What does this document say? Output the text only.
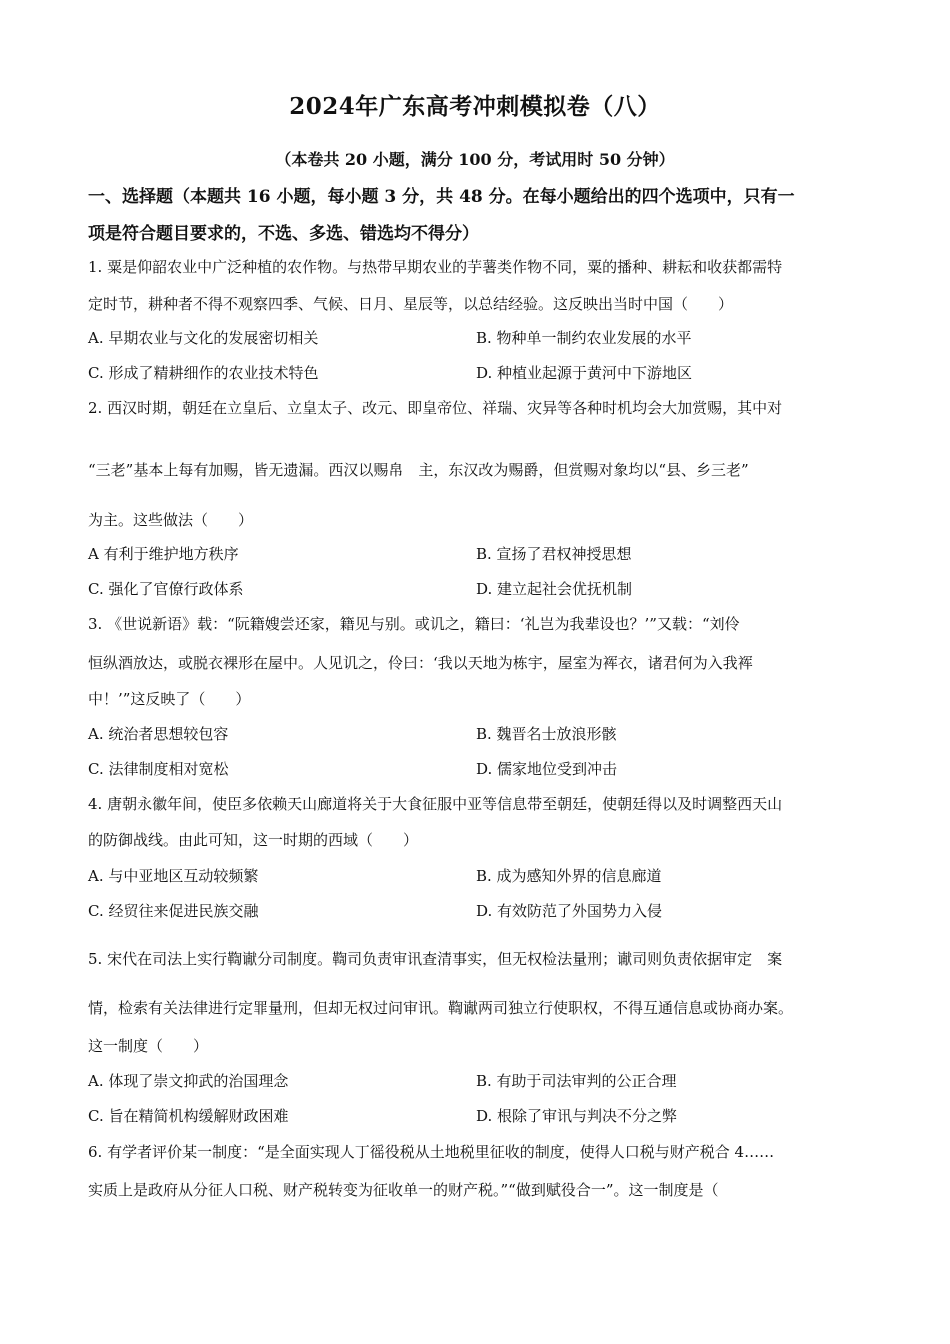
2024年广东高考冲刺模拟卷（八）
（本卷共 20 小题，满分 100 分，考试用时 50 分钟）
一、选择题（本题共 16 小题，每小题 3 分，共 48 分。在每小题给出的四个选项中，只有一
项是符合题目要求的，不选、多选、错选均不得分）
1. 粟是仰韶农业中广泛种植的农作物。与热带早期农业的芋薯类作物不同，粟的播种、耕耘和收获都需特
定时节，耕种者不得不观察四季、气候、日月、星辰等，以总结经验。这反映出当时中国（　　）
A. 早期农业与文化的发展密切相关	B. 物种单一制约农业发展的水平
C. 形成了精耕细作的农业技术特色	D. 种植业起源于黄河中下游地区
2. 西汉时期，朝廷在立皇后、立皇太子、改元、即皇帝位、祥瑞、灾异等各种时机均会大加赏赐，其中对
“三老”基本上每有加赐，皆无遗漏。西汉以赐帛　主，东汉改为赐爵，但赏赐对象均以“县、乡三老”
为主。这些做法（　　）
A 有利于维护地方秩序	B. 宣扬了君权神授思想
C. 强化了官僚行政体系	D. 建立起社会优抚机制
3. 《世说新语》载：“阮籍嫂尝还家，籍见与别。或讥之，籍曰：‘礼岂为我辈设也？’”又载：“刘伶
恒纵酒放达，或脱衣裸形在屋中。人见讥之，伶曰：‘我以天地为栋宇，屋室为裈衣，诸君何为入我裈
中！’”这反映了（　　）
A. 统治者思想较包容	B. 魏晋名士放浪形骸
C. 法律制度相对宽松	D. 儒家地位受到冲击
4. 唐朝永徽年间，使臣多依赖天山廊道将关于大食征服中亚等信息带至朝廷，使朝廷得以及时调整西天山
的防御战线。由此可知，这一时期的西域（　　）
A. 与中亚地区互动较频繁	B. 成为感知外界的信息廊道
C. 经贸往来促进民族交融	D. 有效防范了外国势力入侵
5. 宋代在司法上实行鞫谳分司制度。鞫司负责审讯查清事实，但无权检法量刑；谳司则负责依据审定　案
情，检索有关法律进行定罪量刑，但却无权过问审讯。鞫谳两司独立行使职权，不得互通信息或协商办案。
这一制度（　　）
A. 体现了崇文抑武的治国理念	B. 有助于司法审判的公正合理
C. 旨在精简机构缓解财政困难	D. 根除了审讯与判决不分之弊
6. 有学者评价某一制度：“是全面实现人丁徭役税从土地税里征收的制度，使得人口税与财产税合 4……
实质上是政府从分征人口税、财产税转变为征收单一的财产税。”“做到赋役合一”。这一制度是（
